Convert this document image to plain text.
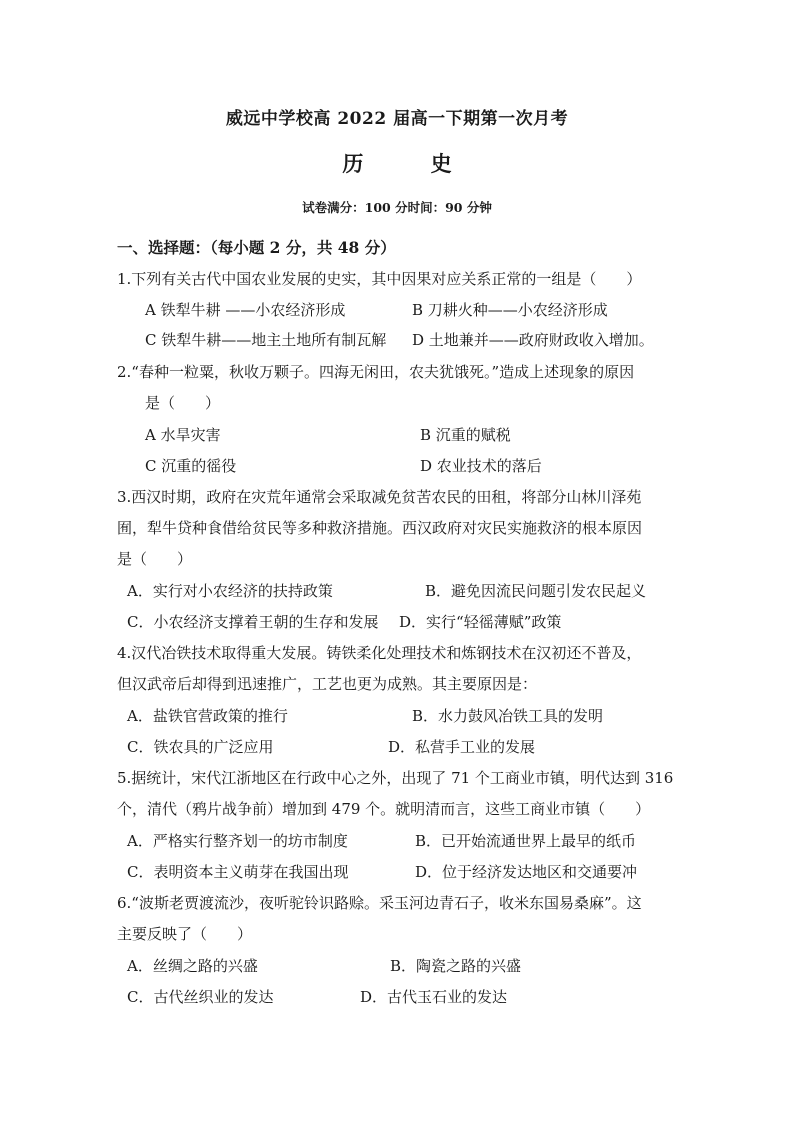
威远中学校高 2022 届高一下期第一次月考
历 史
试卷满分：100 分时间：90 分钟
一、选择题：（每小题 2 分，共 48 分）
1.下列有关古代中国农业发展的史实，其中因果对应关系正常的一组是（　　）
A 铁犁牛耕 ——小农经济形成	B 刀耕火种——小农经济形成
C 铁犁牛耕——地主土地所有制瓦解 D 土地兼并——政府财政收入增加。
2.“春种一粒粟，秋收万颗子。四海无闲田，农夫犹饿死。”造成上述现象的原因
是（　　）
A 水旱灾害	B 沉重的赋税
C 沉重的徭役	D 农业技术的落后
3.西汉时期，政府在灾荒年通常会采取减免贫苦农民的田租，将部分山林川泽苑
囿，犁牛贷种食借给贫民等多种救济措施。西汉政府对灾民实施救济的根本原因
是（　　）
A．实行对小农经济的扶持政策	B．避免因流民问题引发农民起义
C．小农经济支撑着王朝的生存和发展 D．实行“轻徭薄赋”政策
4.汉代冶铁技术取得重大发展。铸铁柔化处理技术和炼钢技术在汉初还不普及，
但汉武帝后却得到迅速推广，工艺也更为成熟。其主要原因是：
A．盐铁官营政策的推行	B．水力鼓风冶铁工具的发明
C．铁农具的广泛应用	D．私营手工业的发展
5.据统计，宋代江浙地区在行政中心之外，出现了 71 个工商业市镇，明代达到 316
个，清代（鸦片战争前）增加到 479 个。就明清而言，这些工商业市镇（　　）
A．严格实行整齐划一的坊市制度	B．已开始流通世界上最早的纸币
C．表明资本主义萌芽在我国出现	D．位于经济发达地区和交通要冲
6.“波斯老贾渡流沙，夜听驼铃识路赊。采玉河边青石子，收米东国易桑麻”。这
主要反映了（　　）
A．丝绸之路的兴盛	B．陶瓷之路的兴盛
C．古代丝织业的发达	D．古代玉石业的发达
